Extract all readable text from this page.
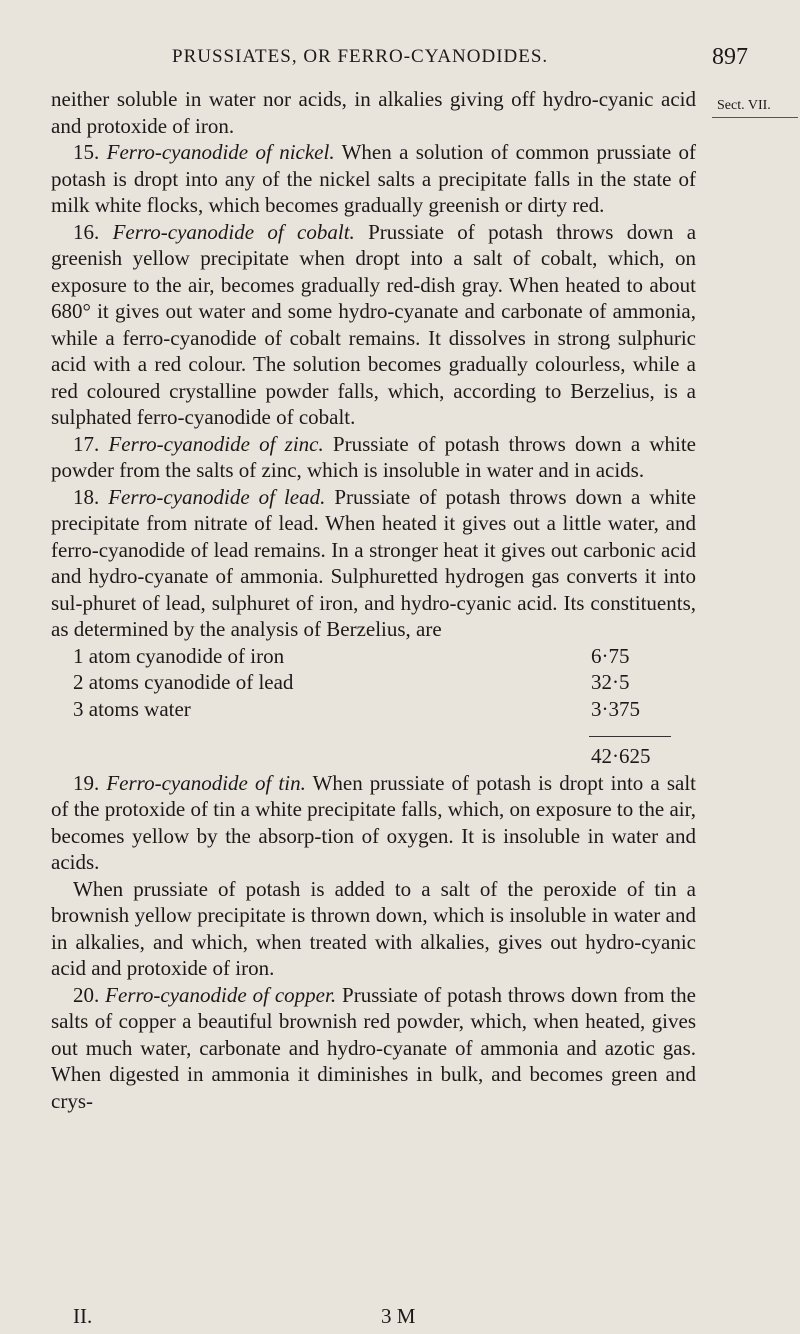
PRUSSIATES, OR FERRO-CYANODIDES.	897
Sect. VII.

neither soluble in water nor acids, in alkalies giving off hydro-cyanic acid and protoxide of iron.

15. Ferro-cyanodide of nickel. When a solution of common prussiate of potash is dropt into any of the nickel salts a precipitate falls in the state of milk white flocks, which becomes gradually greenish or dirty red.

16. Ferro-cyanodide of cobalt. Prussiate of potash throws down a greenish yellow precipitate when dropt into a salt of cobalt, which, on exposure to the air, becomes gradually red-dish gray. When heated to about 680° it gives out water and some hydro-cyanate and carbonate of ammonia, while a ferro-cyanodide of cobalt remains. It dissolves in strong sulphuric acid with a red colour. The solution becomes gradually colourless, while a red coloured crystalline powder falls, which, according to Berzelius, is a sulphated ferro-cyanodide of cobalt.

17. Ferro-cyanodide of zinc. Prussiate of potash throws down a white powder from the salts of zinc, which is insoluble in water and in acids.

18. Ferro-cyanodide of lead. Prussiate of potash throws down a white precipitate from nitrate of lead. When heated it gives out a little water, and ferro-cyanodide of lead remains. In a stronger heat it gives out carbonic acid and hydro-cyanate of ammonia. Sulphuretted hydrogen gas converts it into sul-phuret of lead, sulphuret of iron, and hydro-cyanic acid. Its constituents, as determined by the analysis of Berzelius, are

1 atom cyanodide of iron	6·75
2 atoms cyanodide of lead	32·5
3 atoms water	3·375
42·625

19. Ferro-cyanodide of tin. When prussiate of potash is dropt into a salt of the protoxide of tin a white precipitate falls, which, on exposure to the air, becomes yellow by the absorp-tion of oxygen. It is insoluble in water and acids.

When prussiate of potash is added to a salt of the peroxide of tin a brownish yellow precipitate is thrown down, which is insoluble in water and in alkalies, and which, when treated with alkalies, gives out hydro-cyanic acid and protoxide of iron.

20. Ferro-cyanodide of copper. Prussiate of potash throws down from the salts of copper a beautiful brownish red powder, which, when heated, gives out much water, carbonate and hydro-cyanate of ammonia and azotic gas. When digested in ammonia it diminishes in bulk, and becomes green and crys-

II.	3 M
